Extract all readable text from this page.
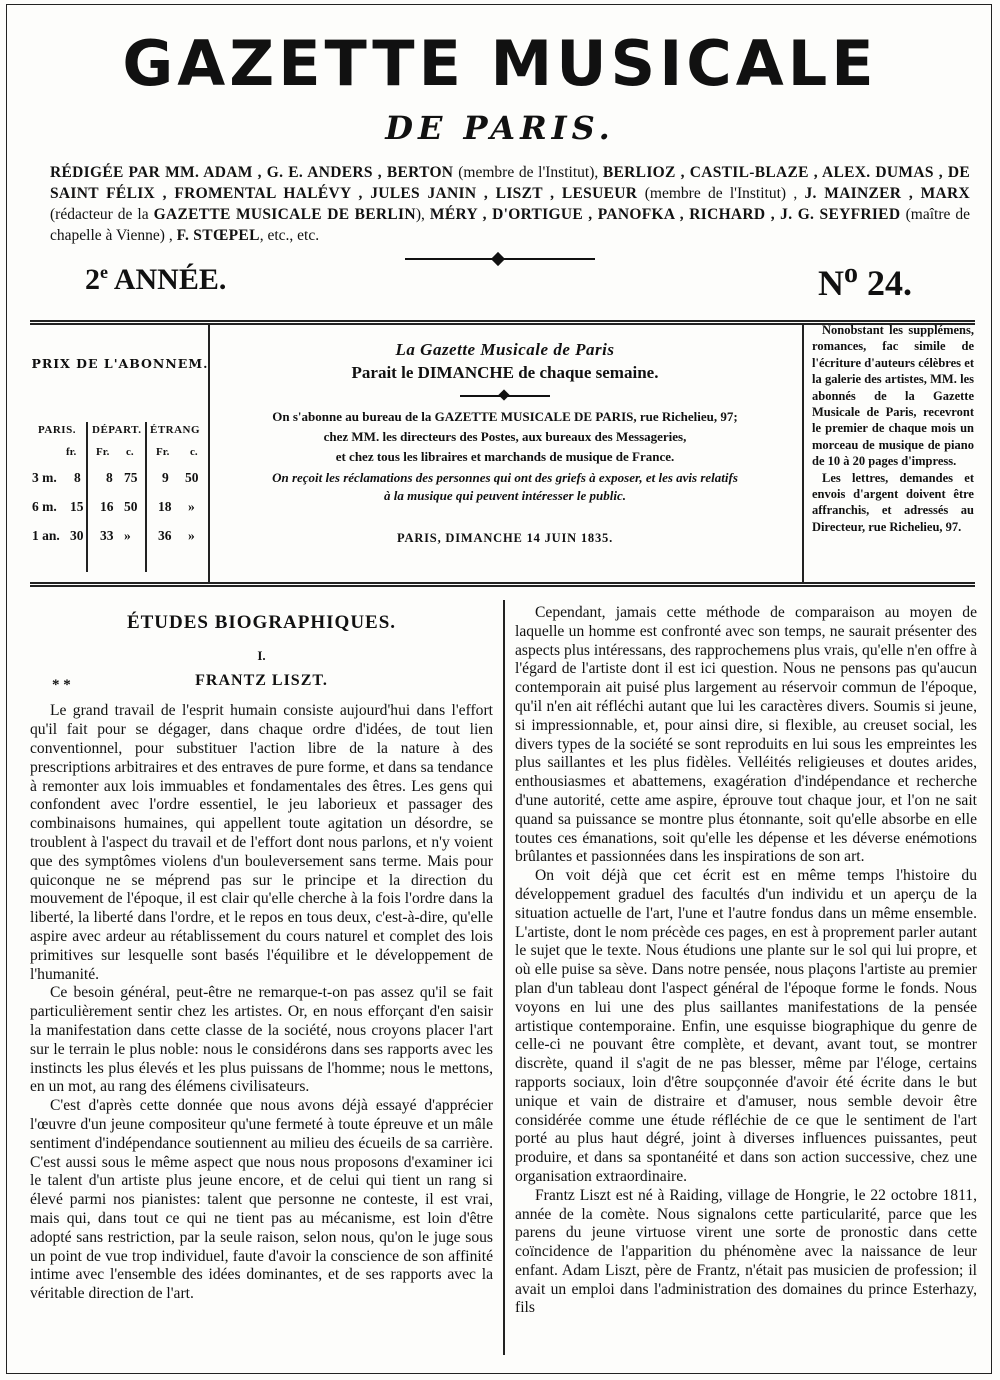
GAZETTE MUSICALE
DE PARIS.
RÉDIGÉE PAR MM. ADAM , G. E. ANDERS , BERTON (membre de l'Institut), BERLIOZ , CASTIL-BLAZE , ALEX. DUMAS , DE SAINT FÉLIX , FROMENTAL HALÉVY , JULES JANIN , LISZT , LESUEUR (membre de l'Institut) , J. MAINZER , MARX (rédacteur de la GAZETTE MUSICALE DE BERLIN), MÉRY , D'ORTIGUE , PANOFKA , RICHARD , J. G. SEYFRIED (maître de chapelle à Vienne) , F. STŒPEL, etc., etc.
2e ANNÉE.	$N^o$ 24.
PRIX DE L'ABONNEM.
PARIS. DÉPART. ÉTRANG
fr. Fr. c. Fr. c.
3 m. 8 8 75 9 50
6 m. 15 16 50 18 »
1 an. 30 33 » 36 »
La Gazette Musicale de Paris
Parait le DIMANCHE de chaque semaine.
On s'abonne au bureau de la GAZETTE MUSICALE DE PARIS, rue Richelieu, 97;
chez MM. les directeurs des Postes, aux bureaux des Messageries,
et chez tous les libraires et marchands de musique de France.
On reçoit les réclamations des personnes qui ont des griefs à exposer, et les avis relatifs
à la musique qui peuvent intéresser le public.
PARIS, DIMANCHE 14 JUIN 1835.

Nonobstant les supplémens, romances, fac simile de l'écriture d'auteurs célèbres et la galerie des artistes, MM. les abonnés de la Gazette Musicale de Paris, recevront le premier de chaque mois un morceau de musique de piano de 10 à 20 pages d'impress.

Les lettres, demandes et envois d'argent doivent être affranchis, et adressés au Directeur, rue Richelieu, 97.

ÉTUDES BIOGRAPHIQUES.
I.
* *	FRANTZ LISZT.

Le grand travail de l'esprit humain consiste aujourd'hui dans l'effort qu'il fait pour se dégager, dans chaque ordre d'idées, de tout lien conventionnel, pour substituer l'action libre de la nature à des prescriptions arbitraires et des entraves de pure forme, et dans sa tendance à remonter aux lois immuables et fondamentales des êtres. Les gens qui confondent avec l'ordre essentiel, le jeu laborieux et passager des combinaisons humaines, qui appellent toute agitation un désordre, se troublent à l'aspect du travail et de l'effort dont nous parlons, et n'y voient que des symptômes violens d'un bouleversement sans terme. Mais pour quiconque ne se méprend pas sur le principe et la direction du mouvement de l'époque, il est clair qu'elle cherche à la fois l'ordre dans la liberté, la liberté dans l'ordre, et le repos en tous deux, c'est-à-dire, qu'elle aspire avec ardeur au rétablissement du cours naturel et complet des lois primitives sur lesquelle sont basés l'équilibre et le développement de l'humanité.

Ce besoin général, peut-être ne remarque-t-on pas assez qu'il se fait particulièrement sentir chez les artistes. Or, en nous efforçant d'en saisir la manifestation dans cette classe de la société, nous croyons placer l'art sur le terrain le plus noble: nous le considérons dans ses rapports avec les instincts les plus élevés et les plus puissans de l'homme; nous le mettons, en un mot, au rang des élémens civilisateurs.

C'est d'après cette donnée que nous avons déjà essayé d'apprécier l'œuvre d'un jeune compositeur qu'une fermeté à toute épreuve et un mâle sentiment d'indépendance soutiennent au milieu des écueils de sa carrière. C'est aussi sous le même aspect que nous nous proposons d'examiner ici le talent d'un artiste plus jeune encore, et de celui qui tient un rang si élevé parmi nos pianistes: talent que personne ne conteste, il est vrai, mais qui, dans tout ce qui ne tient pas au mécanisme, est loin d'être adopté sans restriction, par la seule raison, selon nous, qu'on le juge sous un point de vue trop individuel, faute d'avoir la conscience de son affinité intime avec l'ensemble des idées dominantes, et de ses rapports avec la véritable direction de l'art.

Cependant, jamais cette méthode de comparaison au moyen de laquelle un homme est confronté avec son temps, ne saurait présenter des aspects plus intéressans, des rapprochemens plus vrais, qu'elle n'en offre à l'égard de l'artiste dont il est ici question. Nous ne pensons pas qu'aucun contemporain ait puisé plus largement au réservoir commun de l'époque, qu'il n'en ait réfléchi autant que lui les caractères divers. Soumis si jeune, si impressionnable, et, pour ainsi dire, si flexible, au creuset social, les divers types de la société se sont reproduits en lui sous les empreintes les plus saillantes et les plus fidèles. Velléités religieuses et doutes arides, enthousiasmes et abattemens, exagération d'indépendance et recherche d'une autorité, cette ame aspire, éprouve tout chaque jour, et l'on ne sait quand sa puissance se montre plus étonnante, soit qu'elle absorbe en elle toutes ces émanations, soit qu'elle les dépense et les déverse enémotions brûlantes et passionnées dans les inspirations de son art.

On voit déjà que cet écrit est en même temps l'histoire du développement graduel des facultés d'un individu et un aperçu de la situation actuelle de l'art, l'une et l'autre fondus dans un même ensemble. L'artiste, dont le nom précède ces pages, en est à proprement parler autant le sujet que le texte. Nous étudions une plante sur le sol qui lui propre, et où elle puise sa sève. Dans notre pensée, nous plaçons l'artiste au premier plan d'un tableau dont l'aspect général de l'époque forme le fonds. Nous voyons en lui une des plus saillantes manifestations de la pensée artistique contemporaine. Enfin, une esquisse biographique du genre de celle-ci ne pouvant être complète, et devant, avant tout, se montrer discrète, quand il s'agit de ne pas blesser, même par l'éloge, certains rapports sociaux, loin d'être soupçonnée d'avoir été écrite dans le but unique et vain de distraire et d'amuser, nous semble devoir être considérée comme une étude réfléchie de ce que le sentiment de l'art porté au plus haut dégré, joint à diverses influences puissantes, peut produire, et dans sa spontanéité et dans son action successive, chez une organisation extraordinaire.

Frantz Liszt est né à Raiding, village de Hongrie, le 22 octobre 1811, année de la comète. Nous signalons cette particularité, parce que les parens du jeune virtuose virent une sorte de pronostic dans cette coïncidence de l'apparition du phénomène avec la naissance de leur enfant. Adam Liszt, père de Frantz, n'était pas musicien de profession; il avait un emploi dans l'administration des domaines du prince Esterhazy, fils
